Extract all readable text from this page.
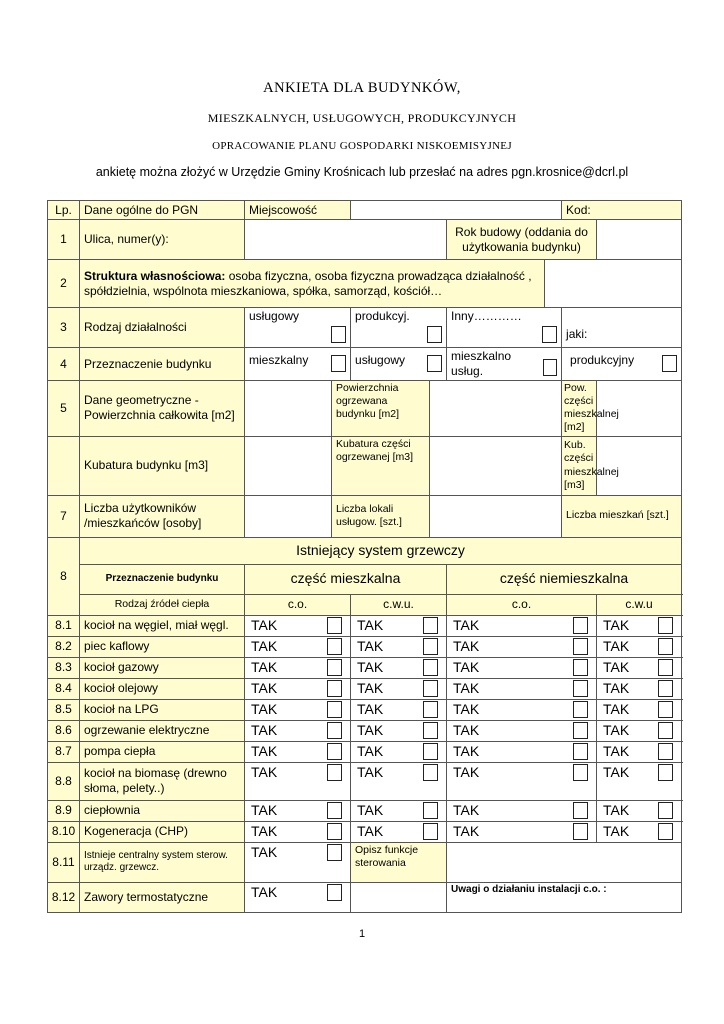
ANKIETA DLA BUDYNKÓW,
MIESZKALNYCH, USŁUGOWYCH, PRODUKCYJNYCH
OPRACOWANIE PLANU GOSPODARKI NISKOEMISYJNEJ
ankietę można złożyć w Urzędzie Gminy Krośnicach lub przesłać na adres pgn.krosnice@dcrl.pl
Lp.	Dane ogólne do PGN	Miejscowość						Kod:	
1	Ulica, numer(y):					Rok budowy (oddania do użytkowania budynku)			
2	Struktura własnościowa: osoba fizyczna, osoba fizyczna prowadząca działalność , spółdzielnia, wspólnota mieszkaniowa, spółka, samorząd, kościół…								
3	Rodzaj działalności	usługowy		produkcyj.		Inny…………		jaki:	
4	Przeznaczenie budynku	mieszkalny		usługowy		mieszkalno usług.		produkcyjny	

5	Dane geometryczne - Powierzchnia całkowita [m2]		Powierzchnia ogrzewana budynku [m2]					Pow. części mieszkalnej [m2]	
	Kubatura budynku [m3]		Kubatura części ogrzewanej [m3]					Kub. części mieszkalnej [m3]	
7	Liczba użytkowników /mieszkańców [osoby]		Liczba lokali usługow. [szt.]					Liczba mieszkań [szt.]	
8	Istniejący system grzewczy								
	Przeznaczenie budynku	część mieszkalna				część niemieszkalna			
	Rodzaj źródeł ciepła	c.o.		c.w.u.		c.o.			c.w.u
8.1	kocioł na węgiel, miał węgl.	TAK		TAK		TAK			TAK

8.2	piec kaflowy	TAK		TAK		TAK			TAK

8.3	kocioł gazowy	TAK		TAK		TAK			TAK

8.4	kocioł olejowy	TAK		TAK		TAK			TAK

8.5	kocioł na LPG	TAK		TAK		TAK			TAK

8.6	ogrzewanie elektryczne	TAK		TAK		TAK			TAK

8.7	pompa ciepła	TAK		TAK		TAK			TAK

8.8	kocioł na biomasę (drewno słoma, pelety..)	TAK		TAK		TAK			TAK

8.9	ciepłownia	TAK		TAK		TAK			TAK

8.10	Kogeneracja (CHP)	TAK		TAK		TAK			TAK

8.11	Istnieje centralny system sterow. urządz. grzewcz.	TAK		Opisz funkcje sterowania					
8.12	Zawory termostatyczne	TAK				Uwagi o działaniu instalacji c.o. :			
1
